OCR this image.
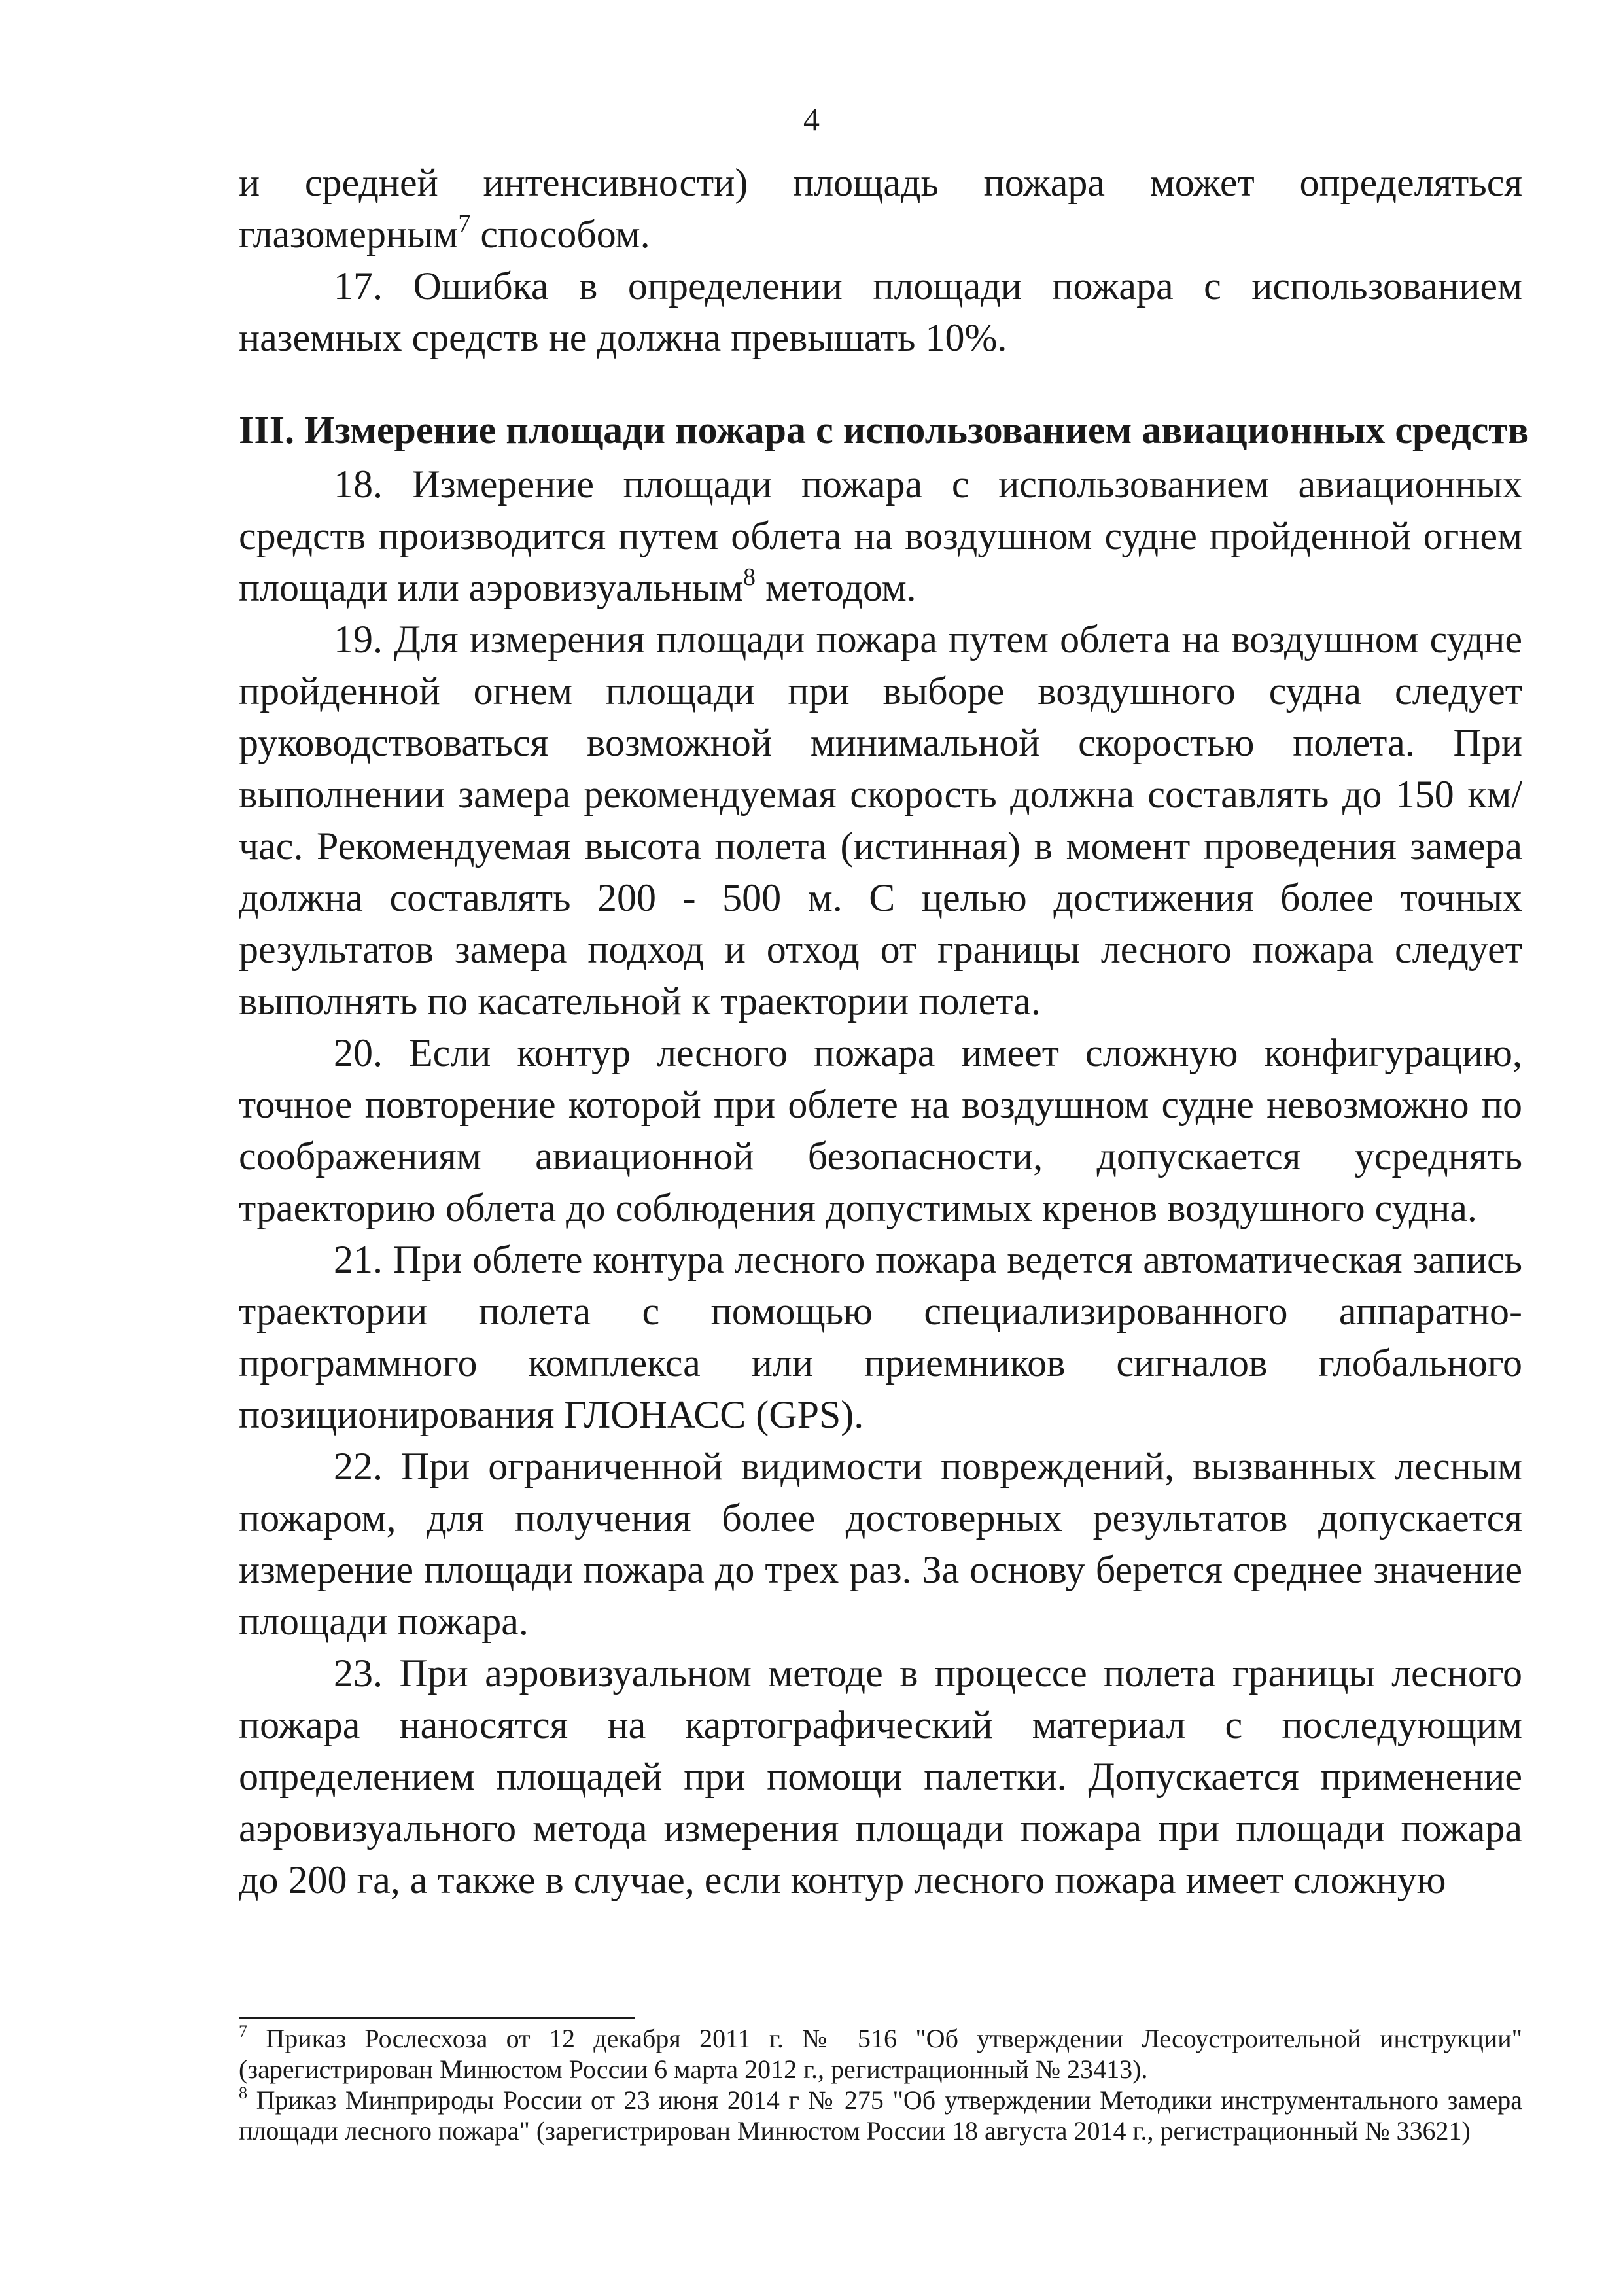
4

и средней интенсивности) площадь пожара может определяться глазомерным$^7$ способом.

17. Ошибка в определении площади пожара с использованием наземных средств не должна превышать 10%.

III. Измерение площади пожара с использованием авиационных средств

18. Измерение площади пожара с использованием авиационных средств производится путем облета на воздушном судне пройденной огнем площади или аэровизуальным$^8$ методом.

19. Для измерения площади пожара путем облета на воздушном судне пройденной огнем площади при выборе воздушного судна следует руководствоваться возможной минимальной скоростью полета. При выполнении замера рекомендуемая скорость должна составлять до 150 км/час. Рекомендуемая высота полета (истинная) в момент проведения замера должна составлять 200 - 500 м. С целью достижения более точных результатов замера подход и отход от границы лесного пожара следует выполнять по касательной к траектории полета.

20. Если контур лесного пожара имеет сложную конфигурацию, точное повторение которой при облете на воздушном судне невозможно по соображениям авиационной безопасности, допускается усреднять траекторию облета до соблюдения допустимых кренов воздушного судна.

21. При облете контура лесного пожара ведется автоматическая запись траектории полета с помощью специализированного аппаратно-программного комплекса или приемников сигналов глобального позиционирования ГЛОНАСС (GPS).

22. При ограниченной видимости повреждений, вызванных лесным пожаром, для получения более достоверных результатов допускается измерение площади пожара до трех раз. За основу берется среднее значение площади пожара.

23. При аэровизуальном методе в процессе полета границы лесного пожара наносятся на картографический материал с последующим определением площадей при помощи палетки. Допускается применение аэровизуального метода измерения площади пожара при площади пожара до 200 га, а также в случае, если контур лесного пожара имеет сложную

$^7$ Приказ Рослесхоза от 12 декабря 2011 г. № 516 "Об утверждении Лесоустроительной инструкции" (зарегистрирован Минюстом России 6 марта 2012 г., регистрационный № 23413).

$^8$ Приказ Минприроды России от 23 июня 2014 г № 275 "Об утверждении Методики инструментального замера площади лесного пожара" (зарегистрирован Минюстом России 18 августа 2014 г., регистрационный № 33621)
